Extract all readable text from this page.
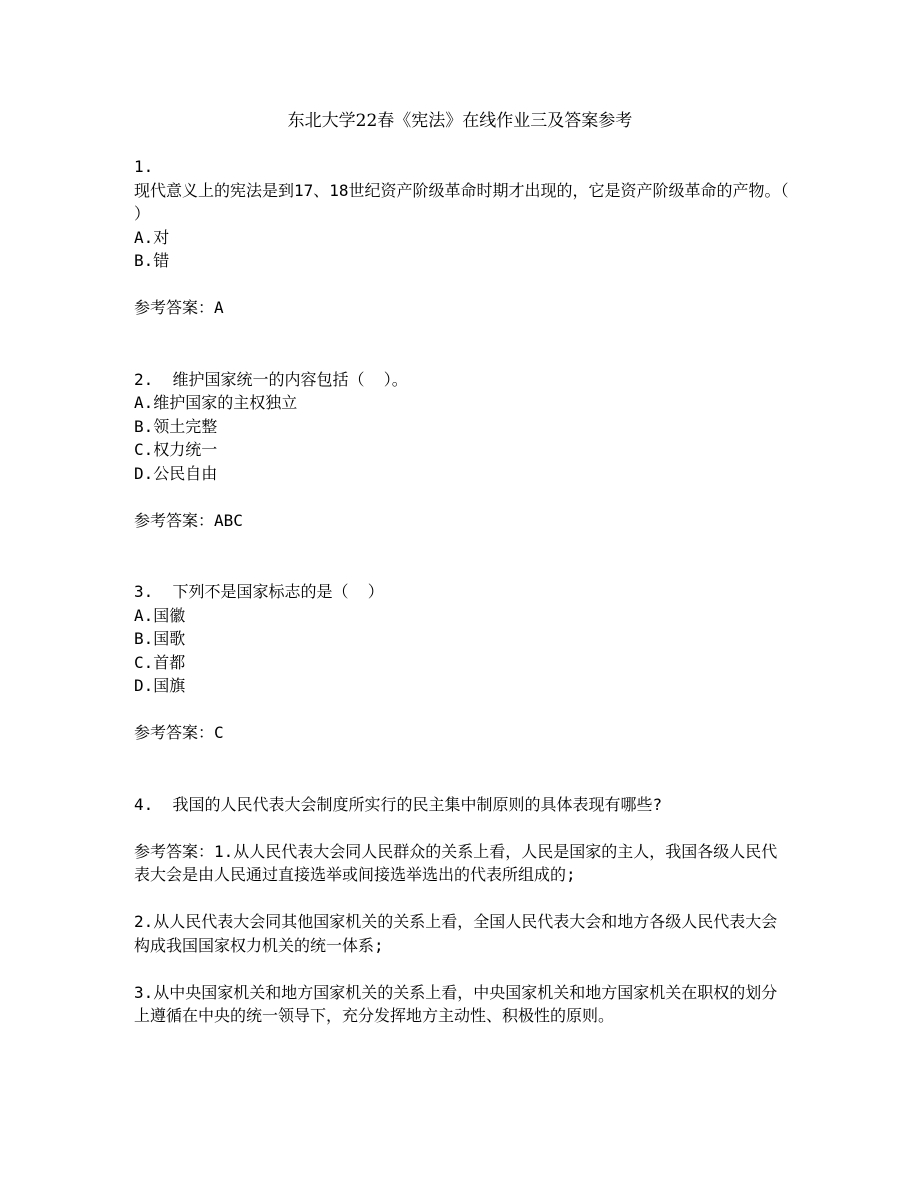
东北大学22春《宪法》在线作业三及答案参考
1.
现代意义上的宪法是到17、18世纪资产阶级革命时期才出现的，它是资产阶级革命的产物。（  ）
A.对
B.错
参考答案：A
2. 维护国家统一的内容包括（  ）。
A.维护国家的主权独立
B.领土完整
C.权力统一
D.公民自由
参考答案：ABC
3. 下列不是国家标志的是（  ）
A.国徽
B.国歌
C.首都
D.国旗
参考答案：C
4. 我国的人民代表大会制度所实行的民主集中制原则的具体表现有哪些?
参考答案：1.从人民代表大会同人民群众的关系上看，人民是国家的主人，我国各级人民代表大会是由人民通过直接选举或间接选举选出的代表所组成的;
2.从人民代表大会同其他国家机关的关系上看，全国人民代表大会和地方各级人民代表大会构成我国国家权力机关的统一体系;
3.从中央国家机关和地方国家机关的关系上看，中央国家机关和地方国家机关在职权的划分上遵循在中央的统一领导下，充分发挥地方主动性、积极性的原则。
